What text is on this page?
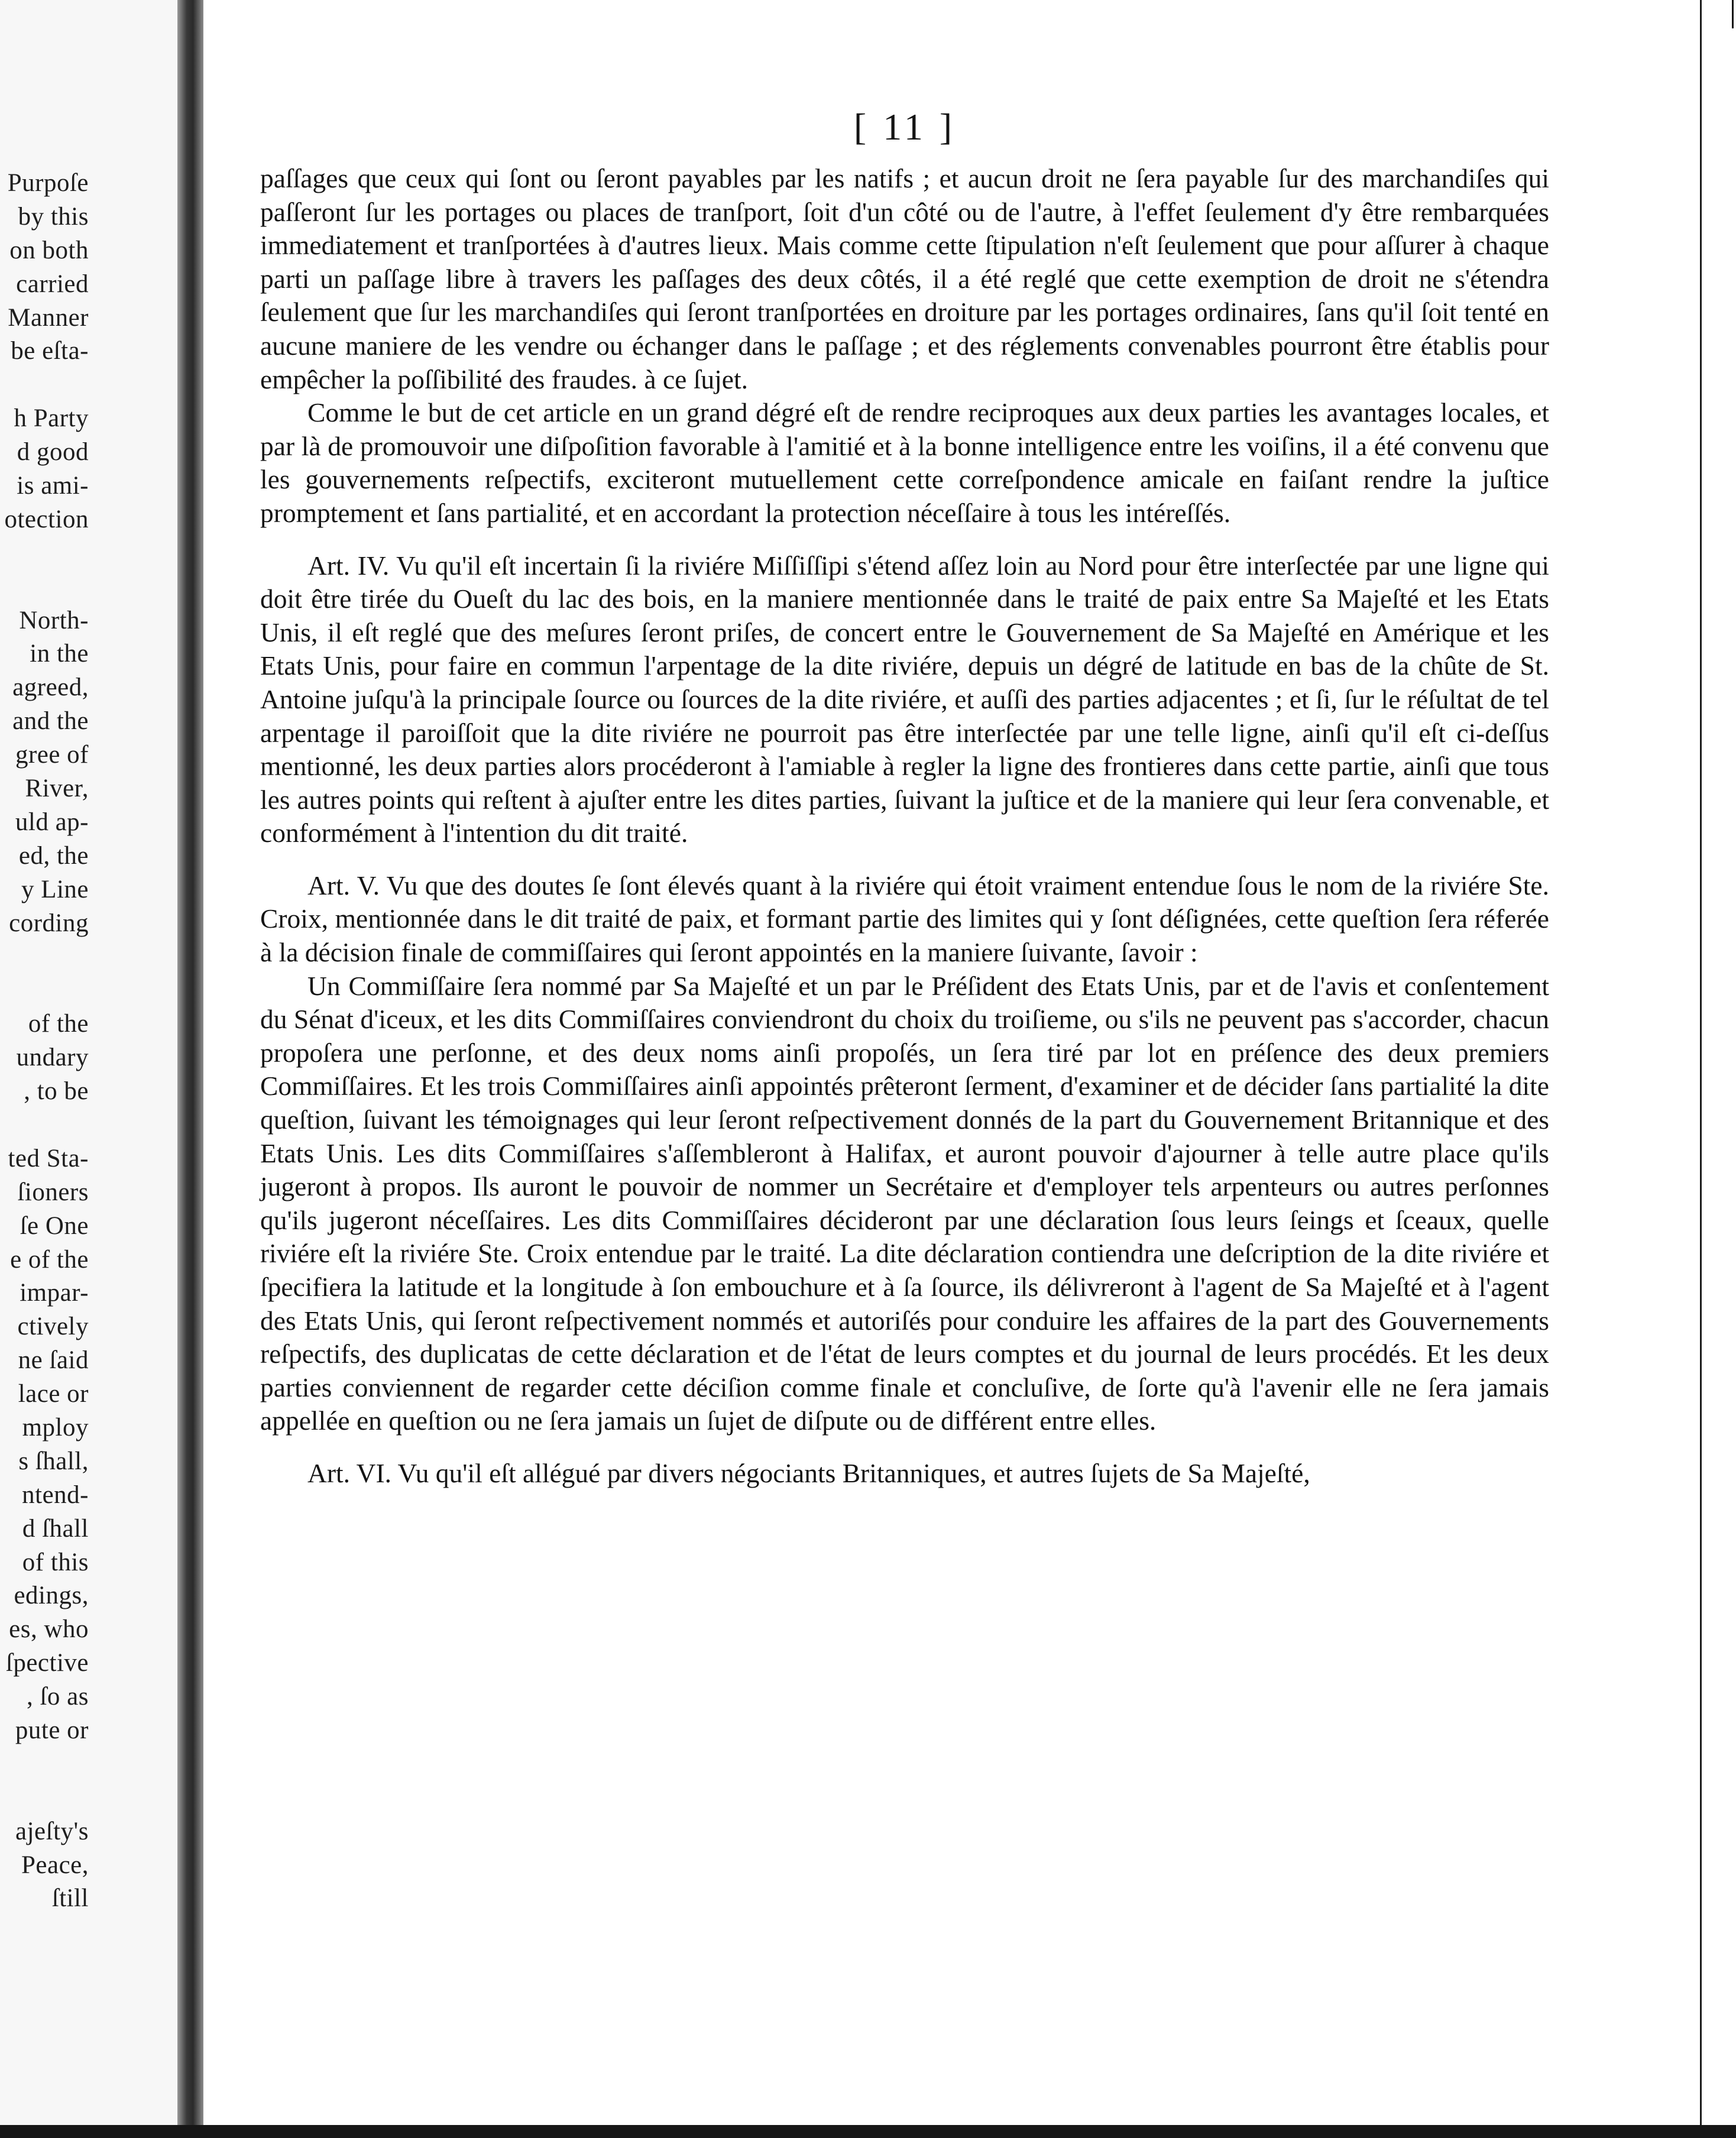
Purpoſe
by this
on both
carried
Manner
be eſta-
h Party
d good
is ami-
otection
North-
in the
agreed,
and the
gree of
River,
uld ap-
ed, the
y Line
cording
of the
undary
, to be
ted Sta-
ſioners
ſe One
e of the
impar-
ctively
ne ſaid
lace or
mploy
s ſhall,
ntend-
d ſhall
of this
edings,
es, who
ſpective
, ſo as
pute or
ajeſty's
Peace,
ſtill
[ 11 ]

paſſages que ceux qui ſont ou ſeront payables par les natifs ; et aucun droit ne ſera payable ſur des marchandiſes qui paſſeront ſur les portages ou places de tranſport, ſoit d'un côté ou de l'autre, à l'effet ſeulement d'y être rembarquées immediatement et tranſportées à d'autres lieux. Mais comme cette ſtipulation n'eſt ſeulement que pour aſſurer à chaque parti un paſſage libre à travers les paſſages des deux côtés, il a été reglé que cette exemption de droit ne s'étendra ſeulement que ſur les marchandiſes qui ſeront tranſportées en droiture par les portages ordinaires, ſans qu'il ſoit tenté en aucune maniere de les vendre ou échanger dans le paſſage ; et des réglements convenables pourront être établis pour empêcher la poſſibilité des fraudes. à ce ſujet.

Comme le but de cet article en un grand dégré eſt de rendre reciproques aux deux parties les avantages locales, et par là de promouvoir une diſpoſition favorable à l'amitié et à la bonne intelligence entre les voiſins, il a été convenu que les gouvernements reſpectifs, exciteront mutuellement cette correſpondence amicale en faiſant rendre la juſtice promptement et ſans partialité, et en accordant la protection néceſſaire à tous les intéreſſés.

Art. IV. Vu qu'il eſt incertain ſi la riviére Miſſiſſipi s'étend aſſez loin au Nord pour être interſectée par une ligne qui doit être tirée du Oueſt du lac des bois, en la maniere mentionnée dans le traité de paix entre Sa Majeſté et les Etats Unis, il eſt reglé que des meſures ſeront priſes, de concert entre le Gouvernement de Sa Majeſté en Amérique et les Etats Unis, pour faire en commun l'arpentage de la dite riviére, depuis un dégré de latitude en bas de la chûte de St. Antoine juſqu'à la principale ſource ou ſources de la dite riviére, et auſſi des parties adjacentes ; et ſi, ſur le réſultat de tel arpentage il paroiſſoit que la dite riviére ne pourroit pas être interſectée par une telle ligne, ainſi qu'il eſt ci-deſſus mentionné, les deux parties alors procéderont à l'amiable à regler la ligne des frontieres dans cette partie, ainſi que tous les autres points qui reſtent à ajuſter entre les dites parties, ſuivant la juſtice et de la maniere qui leur ſera convenable, et conformément à l'intention du dit traité.

Art. V. Vu que des doutes ſe ſont élevés quant à la riviére qui étoit vraiment entendue ſous le nom de la riviére Ste. Croix, mentionnée dans le dit traité de paix, et formant partie des limites qui y ſont déſignées, cette queſtion ſera réferée à la décision finale de commiſſaires qui ſeront appointés en la maniere ſuivante, ſavoir :

Un Commiſſaire ſera nommé par Sa Majeſté et un par le Préſident des Etats Unis, par et de l'avis et conſentement du Sénat d'iceux, et les dits Commiſſaires conviendront du choix du troiſieme, ou s'ils ne peuvent pas s'accorder, chacun propoſera une perſonne, et des deux noms ainſi propoſés, un ſera tiré par lot en préſence des deux premiers Commiſſaires. Et les trois Commiſſaires ainſi appointés prêteront ſerment, d'examiner et de décider ſans partialité la dite queſtion, ſuivant les témoignages qui leur ſeront reſpectivement donnés de la part du Gouvernement Britannique et des Etats Unis. Les dits Commiſſaires s'aſſembleront à Halifax, et auront pouvoir d'ajourner à telle autre place qu'ils jugeront à propos. Ils auront le pouvoir de nommer un Secrétaire et d'employer tels arpenteurs ou autres perſonnes qu'ils jugeront néceſſaires. Les dits Commiſſaires décideront par une déclaration ſous leurs ſeings et ſceaux, quelle riviére eſt la riviére Ste. Croix entendue par le traité. La dite déclaration contiendra une deſcription de la dite riviére et ſpecifiera la latitude et la longitude à ſon embouchure et à ſa ſource, ils délivreront à l'agent de Sa Majeſté et à l'agent des Etats Unis, qui ſeront reſpectivement nommés et autoriſés pour conduire les affaires de la part des Gouvernements reſpectifs, des duplicatas de cette déclaration et de l'état de leurs comptes et du journal de leurs procédés. Et les deux parties conviennent de regarder cette déciſion comme finale et concluſive, de ſorte qu'à l'avenir elle ne ſera jamais appellée en queſtion ou ne ſera jamais un ſujet de diſpute ou de différent entre elles.

Art. VI. Vu qu'il eſt allégué par divers négociants Britanniques, et autres ſujets de Sa Majeſté,
